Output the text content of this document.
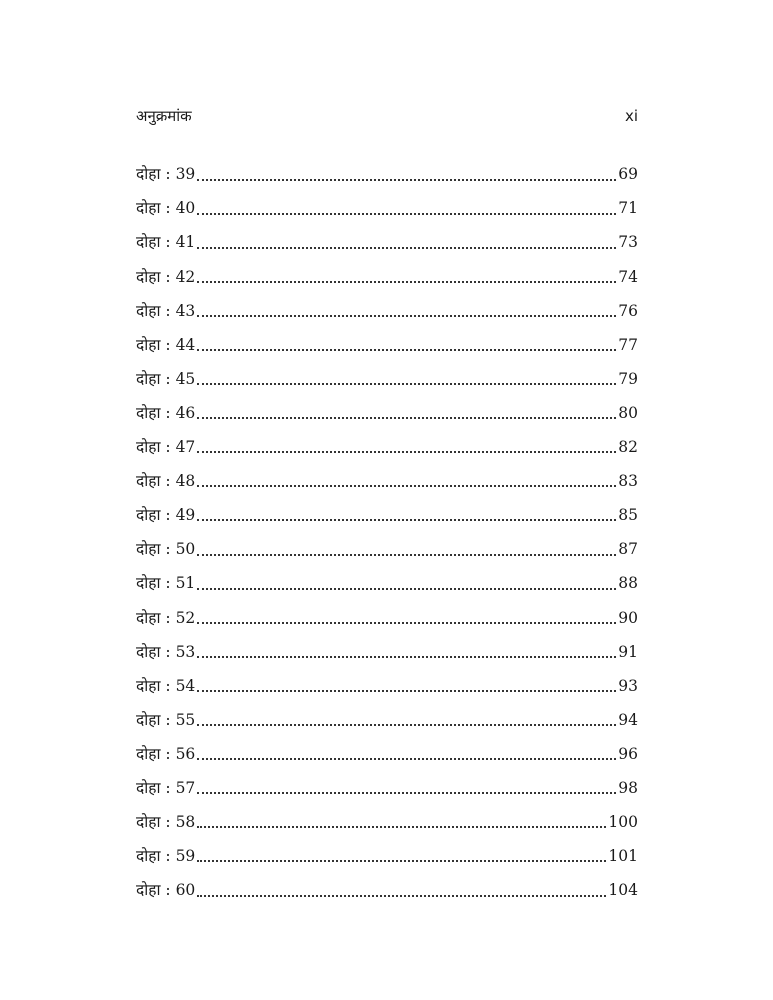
अनुक्रमांक	xi
दोहा : 39	69
दोहा : 40	71
दोहा : 41	73
दोहा : 42	74
दोहा : 43	76
दोहा : 44	77
दोहा : 45	79
दोहा : 46	80
दोहा : 47	82
दोहा : 48	83
दोहा : 49	85
दोहा : 50	87
दोहा : 51	88
दोहा : 52	90
दोहा : 53	91
दोहा : 54	93
दोहा : 55	94
दोहा : 56	96
दोहा : 57	98
दोहा : 58	100
दोहा : 59	101
दोहा : 60	104
